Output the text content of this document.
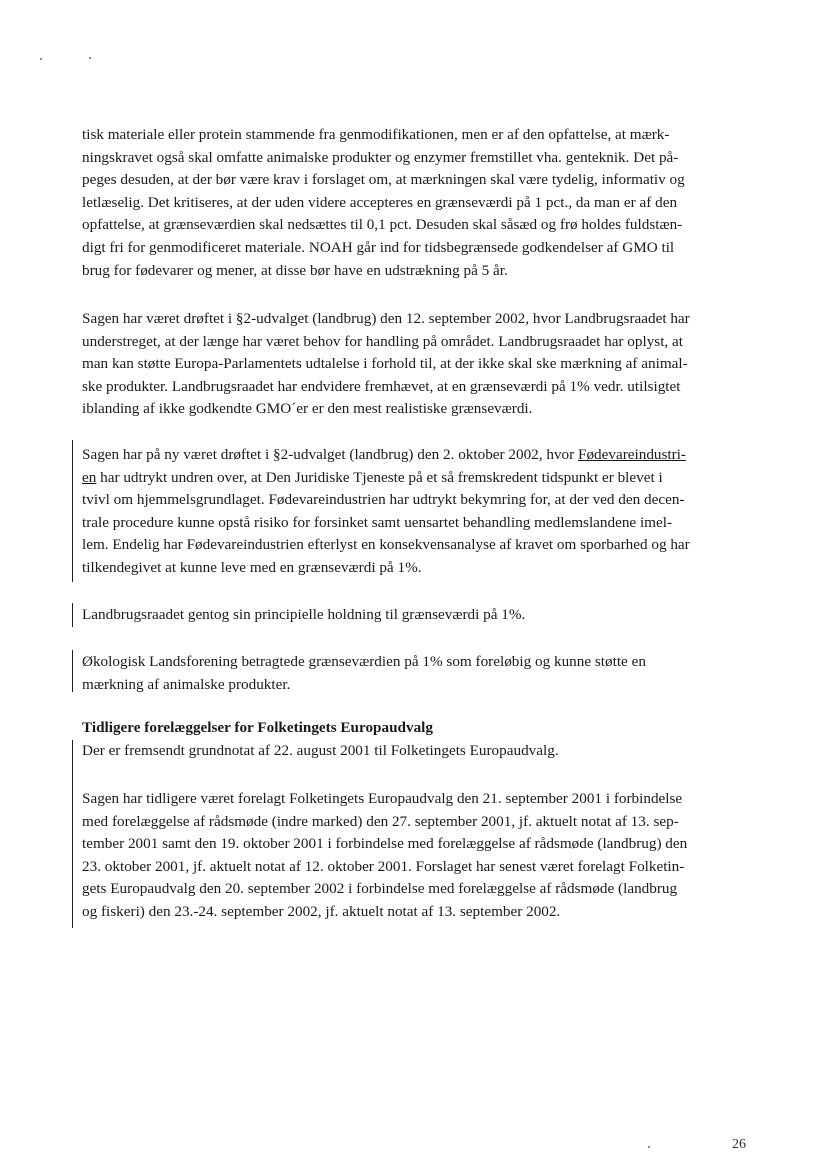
tisk materiale eller protein stammende fra genmodifikationen, men er af den opfattelse, at mærk-
ningskravet også skal omfatte animalske produkter og enzymer fremstillet vha. genteknik. Det på-
peges desuden, at der bør være krav i forslaget om, at mærkningen skal være tydelig, informativ og
letlæselig. Det kritiseres, at der uden videre accepteres en grænseværdi på 1 pct., da man er af den
opfattelse, at grænseværdien skal nedsættes til 0,1 pct. Desuden skal såsæd og frø holdes fuldstæn-
digt fri for genmodificeret materiale. NOAH går ind for tidsbegrænsede godkendelser af GMO til
brug for fødevarer og mener, at disse bør have en udstrækning på 5 år.
Sagen har været drøftet i §2-udvalget (landbrug) den 12. september 2002, hvor Landbrugsraadet har
understreget, at der længe har været behov for handling på området. Landbrugsraadet har oplyst, at
man kan støtte Europa-Parlamentets udtalelse i forhold til, at der ikke skal ske mærkning af animal-
ske produkter. Landbrugsraadet har endvidere fremhævet, at en grænseværdi på 1% vedr. utilsigtet
iblanding af ikke godkendte GMO´er er den mest realistiske grænseværdi.
Sagen har på ny været drøftet i §2-udvalget (landbrug) den 2. oktober 2002, hvor Fødevareindustri-
en har udtrykt undren over, at Den Juridiske Tjeneste på et så fremskredent tidspunkt er blevet i
tvivl om hjemmelsgrundlaget. Fødevareindustrien har udtrykt bekymring for, at der ved den decen-
trale procedure kunne opstå risiko for forsinket samt uensartet behandling medlemslandene imel-
lem. Endelig har Fødevareindustrien efterlyst en konsekvensanalyse af kravet om sporbarhed og har
tilkendegivet at kunne leve med en grænseværdi på 1%.
Landbrugsraadet gentog sin principielle holdning til grænseværdi på 1%.
Økologisk Landsforening betragtede grænseværdien på 1% som foreløbig og kunne støtte en
mærkning af animalske produkter.
Tidligere forelæggelser for Folketingets Europaudvalg
Der er fremsendt grundnotat af 22. august 2001 til Folketingets Europaudvalg.
Sagen har tidligere været forelagt Folketingets Europaudvalg den 21. september 2001 i forbindelse
med forelæggelse af rådsmøde (indre marked) den 27. september 2001, jf. aktuelt notat af 13. sep-
tember 2001 samt den 19. oktober 2001 i forbindelse med forelæggelse af rådsmøde (landbrug) den
23. oktober 2001, jf. aktuelt notat af 12. oktober 2001. Forslaget har senest været forelagt Folketin-
gets Europaudvalg den 20. september 2002 i forbindelse med forelæggelse af rådsmøde (landbrug
og fiskeri) den 23.-24. september 2002, jf. aktuelt notat af 13. september 2002.
26
